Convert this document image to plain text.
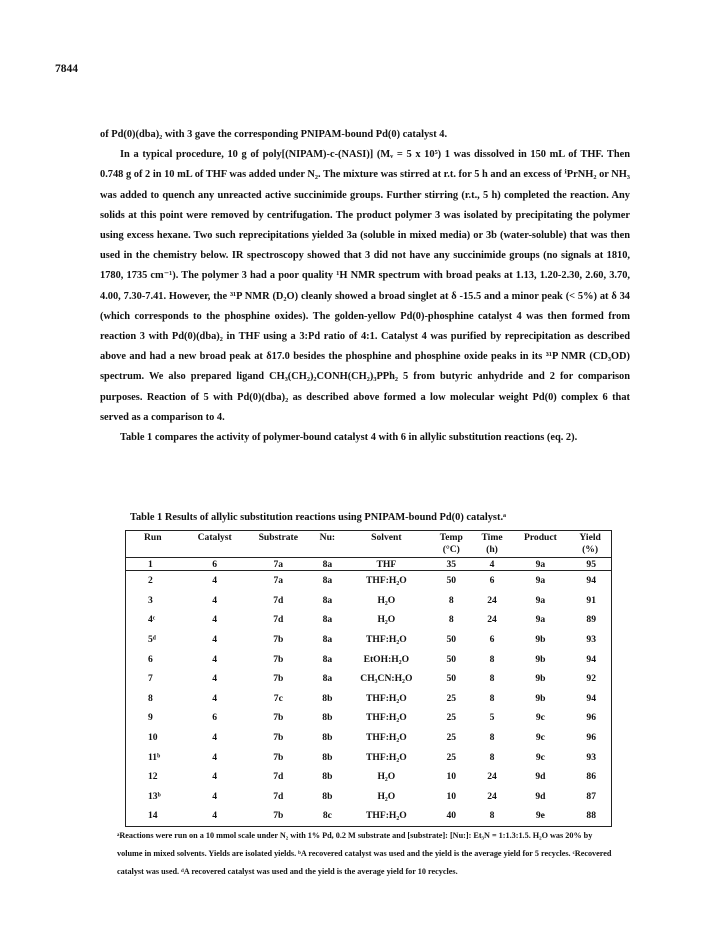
7844

of Pd(0)(dba)₂ with 3 gave the corresponding PNIPAM-bound Pd(0) catalyst 4.

In a typical procedure, 10 g of poly[(NIPAM)-c-(NASI)] (Mᵥ = 5 x 10⁵) 1 was dissolved in 150 mL of THF. Then 0.748 g of 2 in 10 mL of THF was added under N₂. The mixture was stirred at r.t. for 5 h and an excess of ⁱPrNH₂ or NH₃ was added to quench any unreacted active succinimide groups. Further stirring (r.t., 5 h) completed the reaction. Any solids at this point were removed by centrifugation. The product polymer 3 was isolated by precipitating the polymer using excess hexane. Two such reprecipitations yielded 3a (soluble in mixed media) or 3b (water-soluble) that was then used in the chemistry below. IR spectroscopy showed that 3 did not have any succinimide groups (no signals at 1810, 1780, 1735 cm⁻¹). The polymer 3 had a poor quality ¹H NMR spectrum with broad peaks at 1.13, 1.20-2.30, 2.60, 3.70, 4.00, 7.30-7.41. However, the ³¹P NMR (D₂O) cleanly showed a broad singlet at δ -15.5 and a minor peak (< 5%) at δ 34 (which corresponds to the phosphine oxides). The golden-yellow Pd(0)-phosphine catalyst 4 was then formed from reaction 3 with Pd(0)(dba)₂ in THF using a 3:Pd ratio of 4:1. Catalyst 4 was purified by reprecipitation as described above and had a new broad peak at δ17.0 besides the phosphine and phosphine oxide peaks in its ³¹P NMR (CD₃OD) spectrum. We also prepared ligand CH₃(CH₂)₂CONH(CH₂)₃PPh₂ 5 from butyric anhydride and 2 for comparison purposes. Reaction of 5 with Pd(0)(dba)₂ as described above formed a low molecular weight Pd(0) complex 6 that served as a comparison to 4.

Table 1 compares the activity of polymer-bound catalyst 4 with 6 in allylic substitution reactions (eq. 2).

Table 1 Results of allylic substitution reactions using PNIPAM-bound Pd(0) catalyst.ᵃ
Run	Catalyst	Substrate	Nu:	Solvent	Temp	Time	Product	Yield
					(°C)	(h)		(%)
1	6	7a	8a	THF	35	4	9a	95
2	4	7a	8a	THF:H₂O	50	6	9a	94
3	4	7d	8a	H₂O	8	24	9a	91
4ᶜ	4	7d	8a	H₂O	8	24	9a	89
5ᵈ	4	7b	8a	THF:H₂O	50	6	9b	93
6	4	7b	8a	EtOH:H₂O	50	8	9b	94
7	4	7b	8a	CH₃CN:H₂O	50	8	9b	92
8	4	7c	8b	THF:H₂O	25	8	9b	94
9	6	7b	8b	THF:H₂O	25	5	9c	96
10	4	7b	8b	THF:H₂O	25	8	9c	96
11ᵇ	4	7b	8b	THF:H₂O	25	8	9c	93
12	4	7d	8b	H₂O	10	24	9d	86
13ᵇ	4	7d	8b	H₂O	10	24	9d	87
14	4	7b	8c	THF:H₂O	40	8	9e	88

ᵃReactions were run on a 10 mmol scale under N₂ with 1% Pd, 0.2 M substrate and [substrate]: [Nu:]: Et₃N = 1:1.3:1.5. H₂O was 20% by volume in mixed solvents. Yields are isolated yields. ᵇA recovered catalyst was used and the yield is the average yield for 5 recycles. ᶜRecovered catalyst was used. ᵈA recovered catalyst was used and the yield is the average yield for 10 recycles.
